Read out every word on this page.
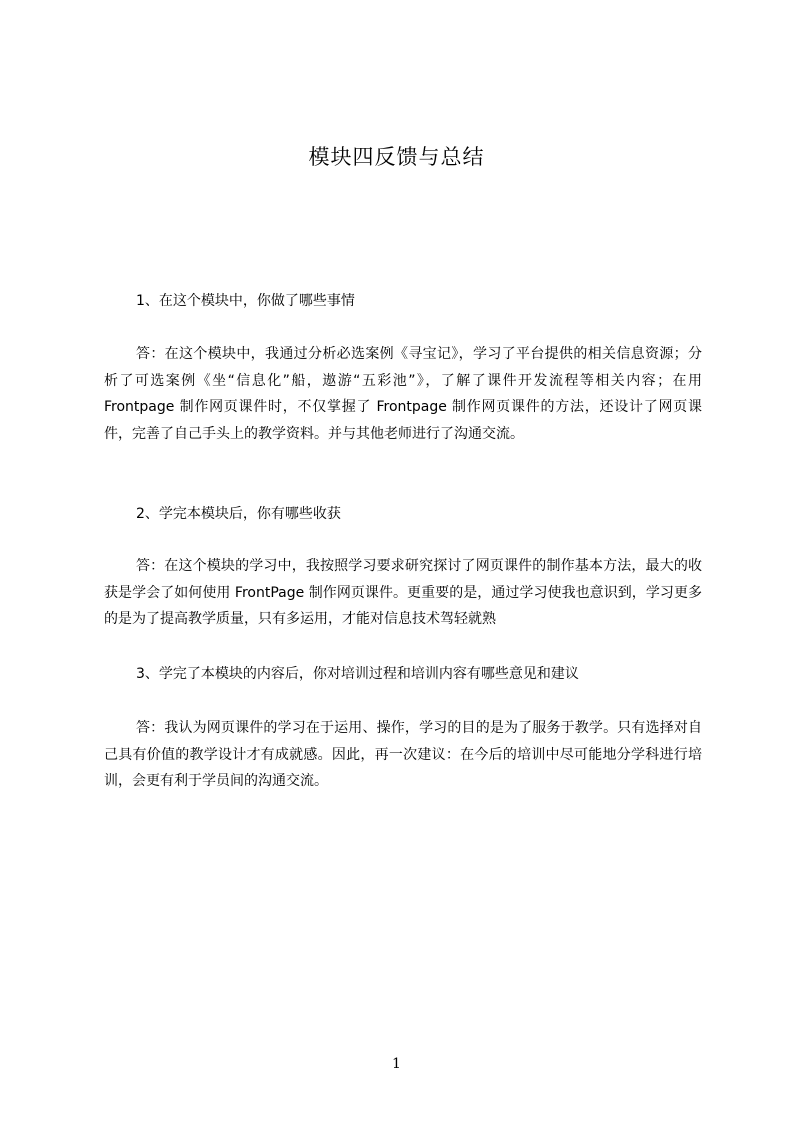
模块四反馈与总结
1、在这个模块中，你做了哪些事情
答：在这个模块中，我通过分析必选案例《寻宝记》，学习了平台提供的相关信息资源；分析了可选案例《坐“信息化”船，遨游“五彩池”》，了解了课件开发流程等相关内容；在用 Frontpage 制作网页课件时，不仅掌握了 Frontpage 制作网页课件的方法，还设计了网页课件，完善了自己手头上的教学资料。并与其他老师进行了沟通交流。
2、学完本模块后，你有哪些收获
答：在这个模块的学习中，我按照学习要求研究探讨了网页课件的制作基本方法，最大的收获是学会了如何使用 FrontPage 制作网页课件。更重要的是，通过学习使我也意识到，学习更多的是为了提高教学质量，只有多运用，才能对信息技术驾轻就熟
3、学完了本模块的内容后，你对培训过程和培训内容有哪些意见和建议
答：我认为网页课件的学习在于运用、操作，学习的目的是为了服务于教学。只有选择对自己具有价值的教学设计才有成就感。因此，再一次建议：在今后的培训中尽可能地分学科进行培训，会更有利于学员间的沟通交流。
1
